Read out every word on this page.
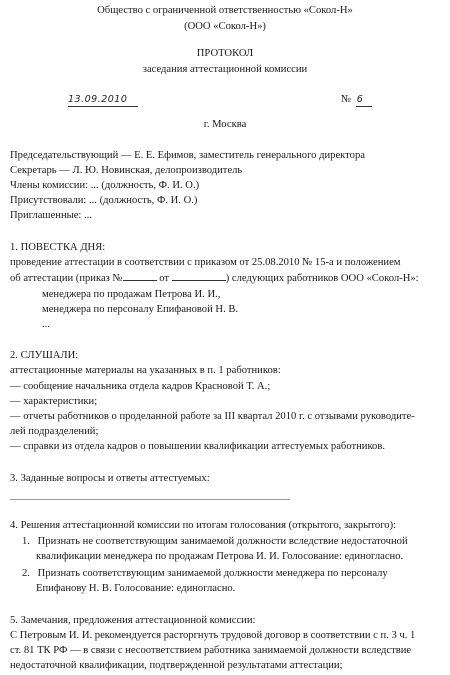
Общество с ограниченной ответственностью «Сокол-Н»
(ООО «Сокол-Н»)
ПРОТОКОЛ
заседания аттестационной комиссии
13.09.2010	№ 6
г. Москва
Председательствующий — Е. Е. Ефимов, заместитель генерального директора
Секретарь — Л. Ю. Новинская, делопроизводитель
Члены комиссии: ... (должность, Ф. И. О.)
Присутствовали: ... (должность, Ф. И. О.)
Приглашенные: ...
1. ПОВЕСТКА ДНЯ:
проведение аттестации в соответствии с приказом от 25.08.2010 № 15-а и положением
об аттестации (приказ №	от	) следующих работников ООО «Сокол-Н»:
менеджера по продажам Петрова И. И.,
менеджера по персоналу Епифановой Н. В.
...
2. СЛУШАЛИ:
аттестационные материалы на указанных в п. 1 работников:
— сообщение начальника отдела кадров Красновой Т. А.;
— характеристики;
— отчеты работников о проделанной работе за III квартал 2010 г. с отзывами руководите-
лей подразделений;
— справки из отдела кадров о повышении квалификации аттестуемых работников.
3. Заданные вопросы и ответы аттестуемых:
4. Решения аттестационной комиссии по итогам голосования (открытого, закрытого):
1. Признать не соответствующим занимаемой должности вследствие недостаточной
квалификации менеджера по продажам Петрова И. И. Голосование: единогласно.
2. Признать соответствующим занимаемой должности менеджера по персоналу
Епифанову Н. В. Голосование: единогласно.
5. Замечания, предложения аттестационной комиссии:
С Петровым И. И. рекомендуется расторгнуть трудовой договор в соответствии с п. 3 ч. 1
ст. 81 ТК РФ — в связи с несоответствием работника занимаемой должности вследствие
недостаточной квалификации, подтвержденной результатами аттестации;
